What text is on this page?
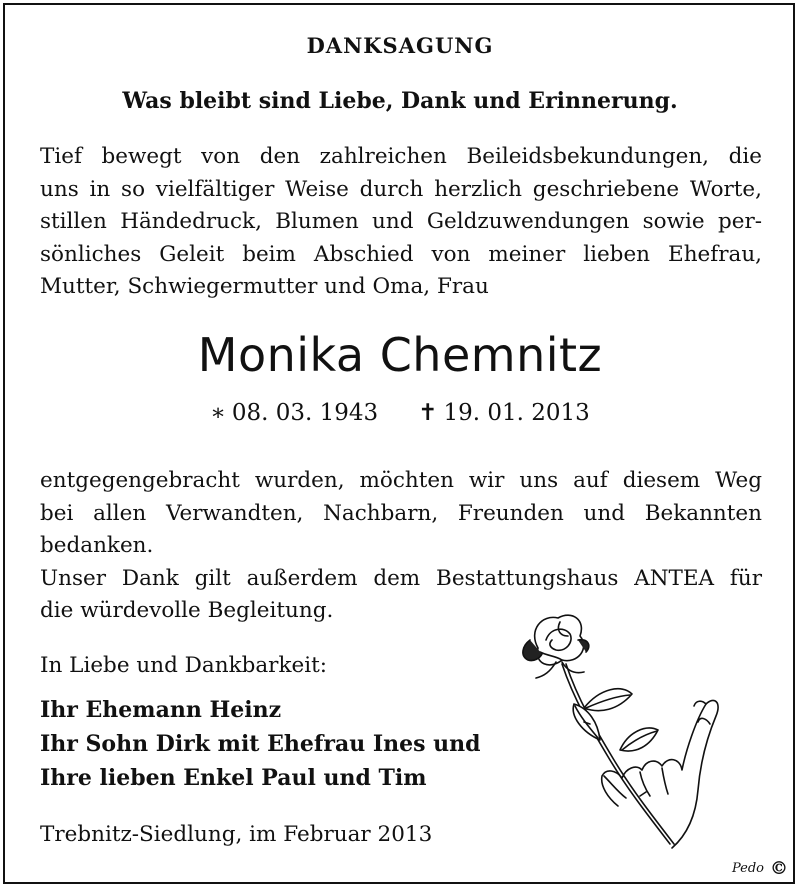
DANKSAGUNG
Was bleibt sind Liebe, Dank und Erinnerung.
Tief bewegt von den zahlreichen Beileidsbekundungen, die
uns in so vielfältiger Weise durch herzlich geschriebene Worte,
stillen Händedruck, Blumen und Geldzuwendungen sowie per-
sönliches Geleit beim Abschied von meiner lieben Ehefrau,
Mutter, Schwiegermutter und Oma, Frau
Monika Chemnitz
∗ 08. 03. 1943 ✝ 19. 01. 2013
entgegengebracht wurden, möchten wir uns auf diesem Weg
bei allen Verwandten, Nachbarn, Freunden und Bekannten
bedanken.
Unser Dank gilt außerdem dem Bestattungshaus ANTEA für
die würdevolle Begleitung.

In Liebe und Dankbarkeit:

Ihr Ehemann Heinz
Ihr Sohn Dirk mit Ehefrau Ines und
Ihre lieben Enkel Paul und Tim

Trebnitz-Siedlung, im Februar 2013

Pedo ©
